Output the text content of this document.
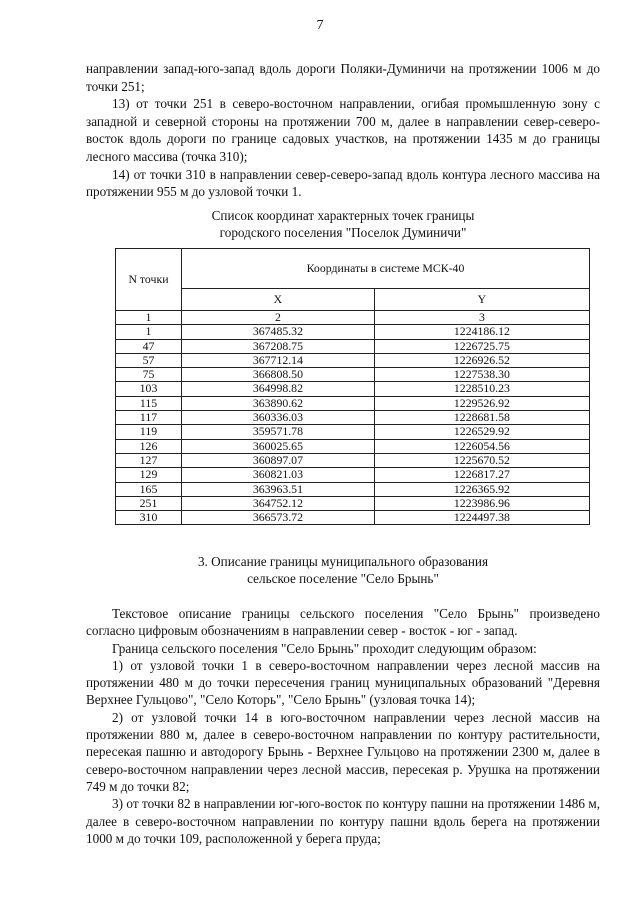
7

направлении запад-юго-запад вдоль дороги Поляки-Думиничи на протяжении 1006 м до точки 251;

13) от точки 251 в северо-восточном направлении, огибая промышленную зону с западной и северной стороны на протяжении 700 м, далее в направлении север-северо-восток вдоль дороги по границе садовых участков, на протяжении 1435 м до границы лесного массива (точка 310);

14) от точки 310 в направлении север-северо-запад вдоль контура лесного массива на протяжении 955 м до узловой точки 1.

Список координат характерных точек границы
городского поселения "Поселок Думиничи"
N точки	Координаты в системе МСК-40	
	X	Y
1	2	3
1	367485.32	1224186.12
47	367208.75	1226725.75
57	367712.14	1226926.52
75	366808.50	1227538.30
103	364998.82	1228510.23
115	363890.62	1229526.92
117	360336.03	1228681.58
119	359571.78	1226529.92
126	360025.65	1226054.56
127	360897.07	1225670.52
129	360821.03	1226817.27
165	363963.51	1226365.92
251	364752.12	1223986.96
310	366573.72	1224497.38
3. Описание границы муниципального образования
сельское поселение "Село Брынь"

Текстовое описание границы сельского поселения "Село Брынь" произведено согласно цифровым обозначениям в направлении север - восток - юг - запад.

Граница сельского поселения "Село Брынь" проходит следующим образом:

1) от узловой точки 1 в северо-восточном направлении через лесной массив на протяжении 480 м до точки пересечения границ муниципальных образований "Деревня Верхнее Гульцово", "Село Которь", "Село Брынь" (узловая точка 14);

2) от узловой точки 14 в юго-восточном направлении через лесной массив на протяжении 880 м, далее в северо-восточном направлении по контуру растительности, пересекая пашню и автодорогу Брынь - Верхнее Гульцово на протяжении 2300 м, далее в северо-восточном направлении через лесной массив, пересекая р. Урушка на протяжении 749 м до точки 82;

3) от точки 82 в направлении юг-юго-восток по контуру пашни на протяжении 1486 м, далее в северо-восточном направлении по контуру пашни вдоль берега на протяжении 1000 м до точки 109, расположенной у берега пруда;
